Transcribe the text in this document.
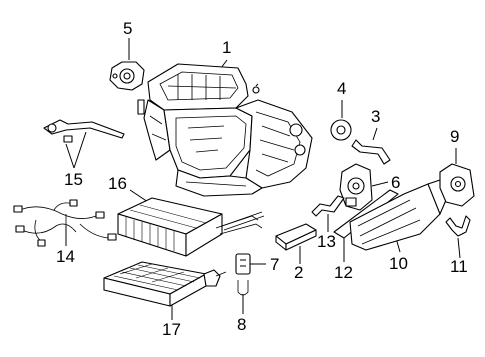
1
2
3
4
5
6
7
8
9
10 11
12
13
14
15 16
17
